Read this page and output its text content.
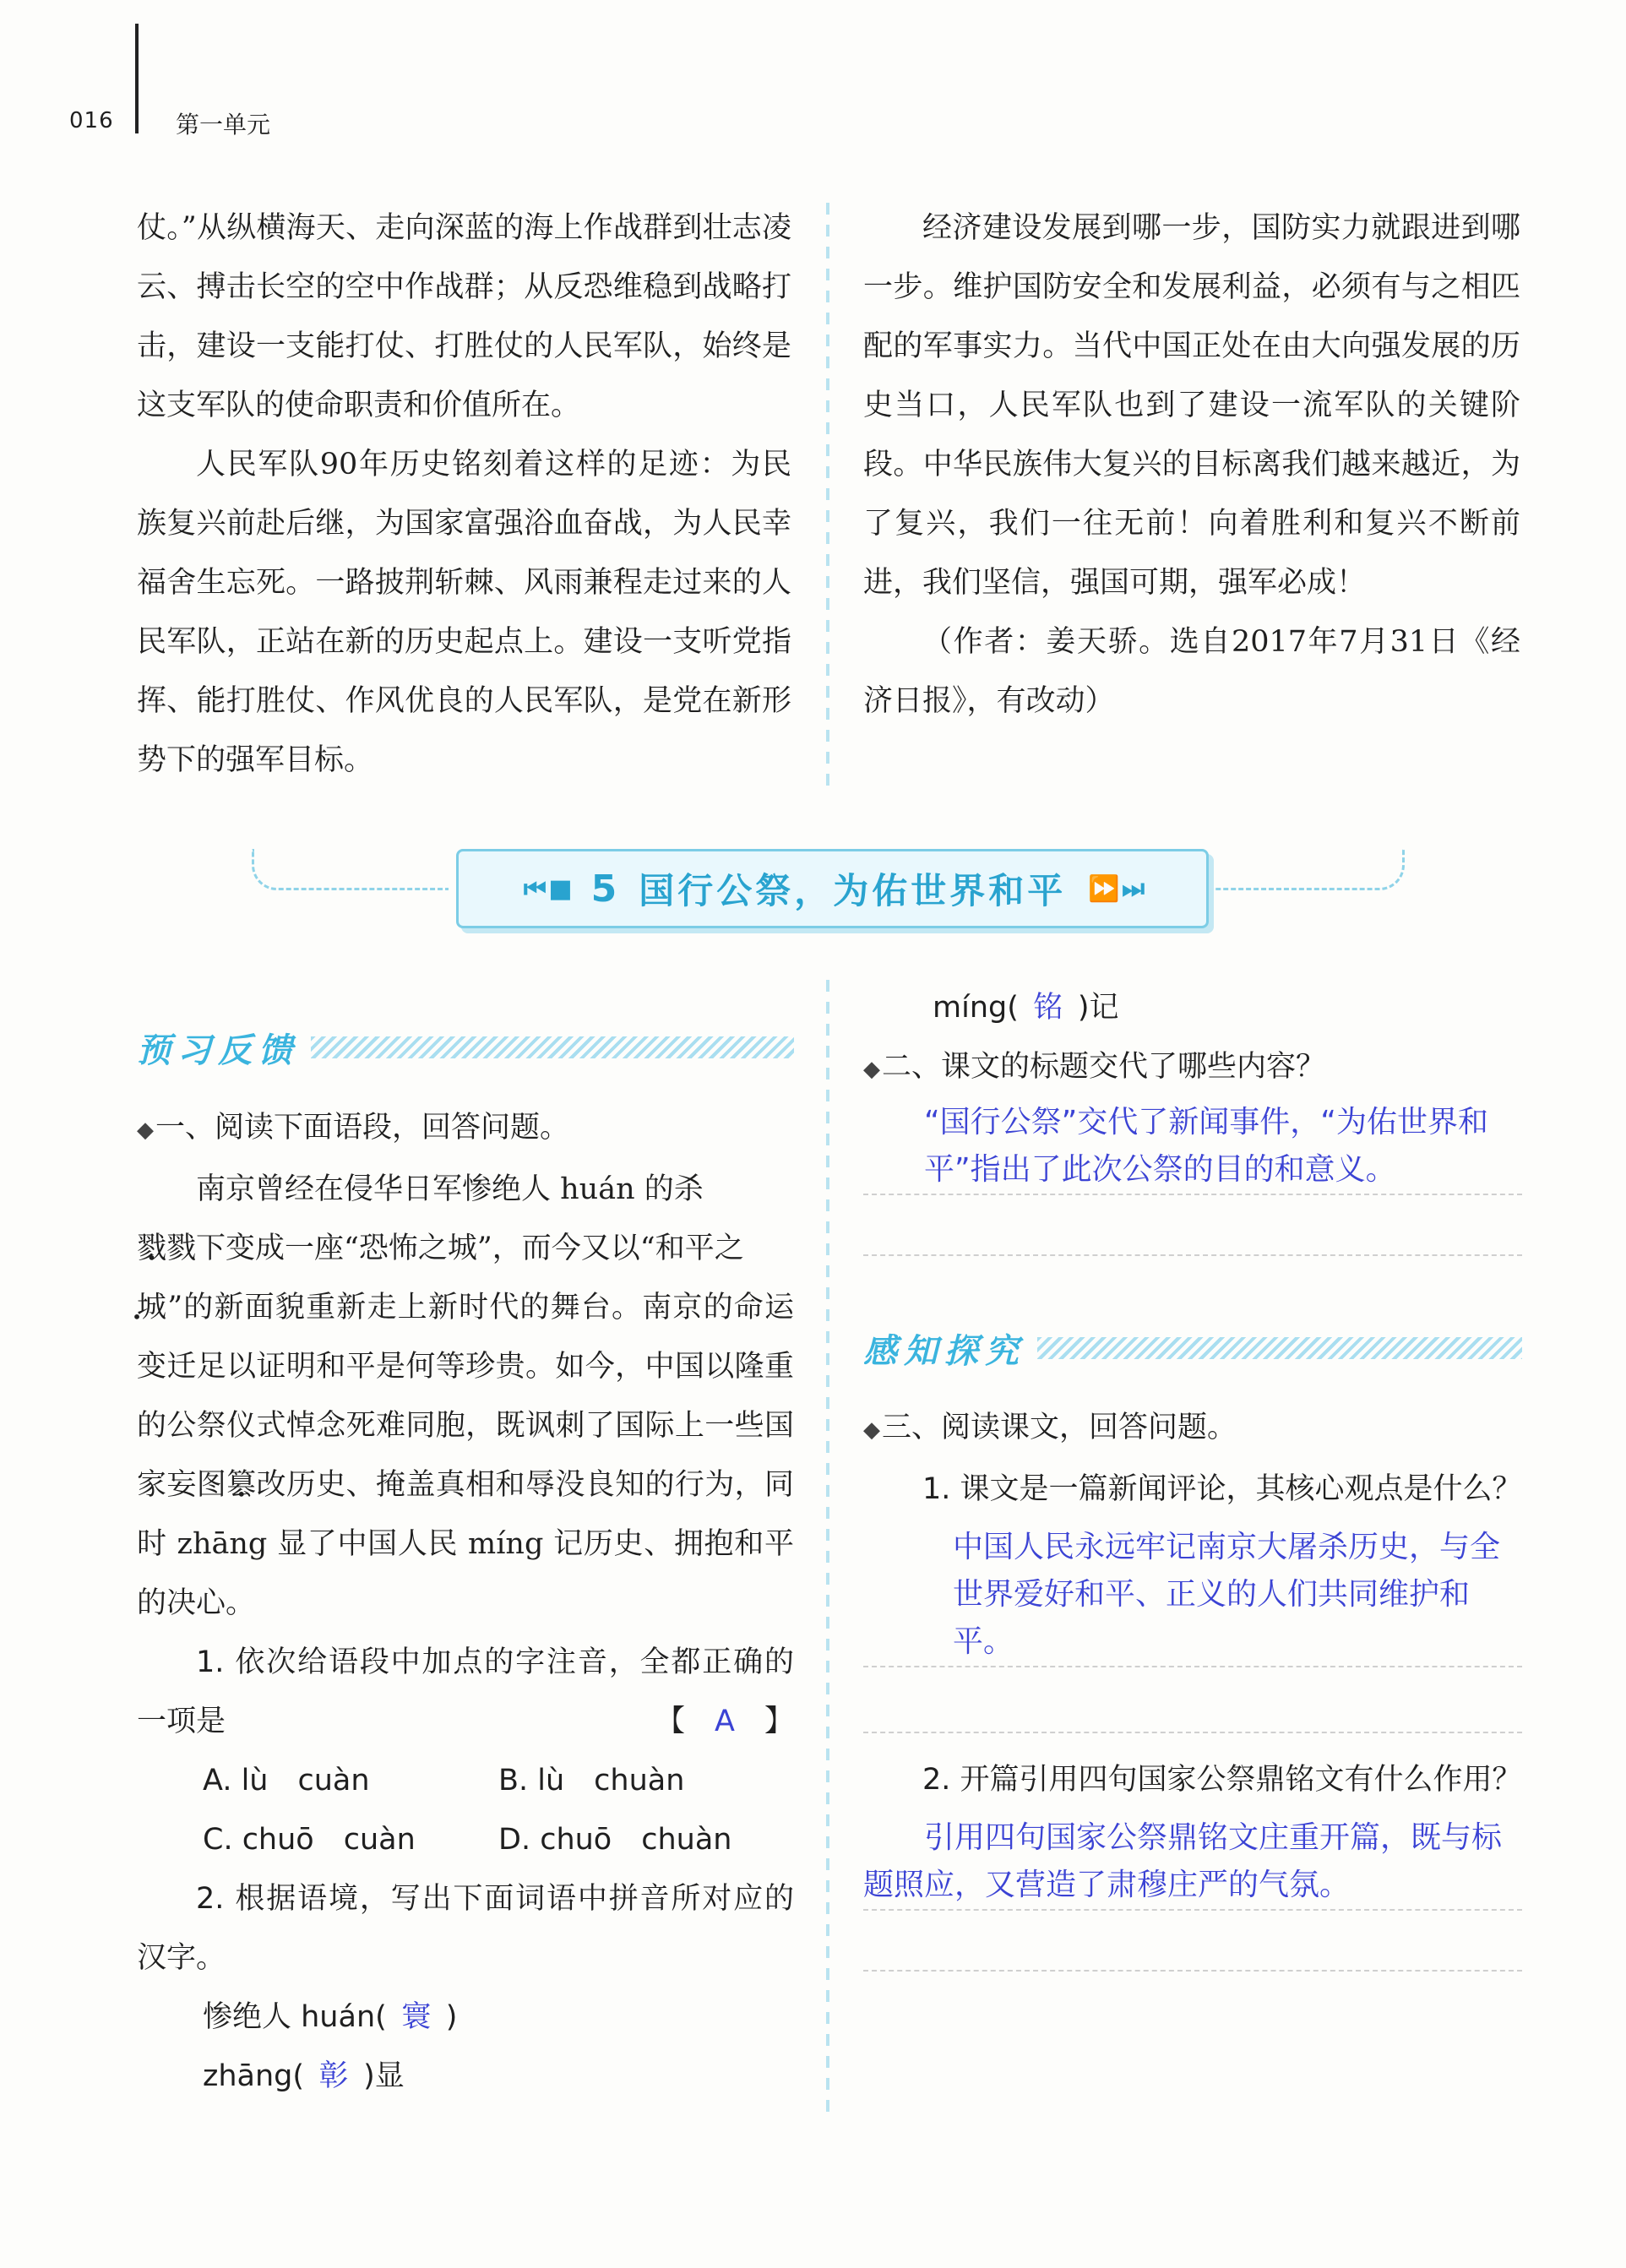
016	第一单元

仗。”从纵横海天、走向深蓝的海上作战群到壮志凌云、搏击长空的空中作战群；从反恐维稳到战略打击，建设一支能打仗、打胜仗的人民军队，始终是这支军队的使命职责和价值所在。

人民军队90年历史铭刻着这样的足迹：为民族复兴前赴后继，为国家富强浴血奋战，为人民幸福舍生忘死。一路披荆斩棘、风雨兼程走过来的人民军队，正站在新的历史起点上。建设一支听党指挥、能打胜仗、作风优良的人民军队，是党在新形势下的强军目标。

经济建设发展到哪一步，国防实力就跟进到哪一步。维护国防安全和发展利益，必须有与之相匹配的军事实力。当代中国正处在由大向强发展的历史当口，人民军队也到了建设一流军队的关键阶段。中华民族伟大复兴的目标离我们越来越近，为了复兴，我们一往无前！向着胜利和复兴不断前进，我们坚信，强国可期，强军必成！

（作者：姜天骄。选自2017年7月31日《经济日报》，有改动）

⏮ ■ 5 国行公祭，为佑世界和平 ⏩ ⏭
预习反馈

◆一、阅读下面语段，回答问题。

南京曾经在侵华日军惨绝人 huán 的杀

戮戮下变成一座“恐怖之城”，而今又以“和平之

城”的新面貌重新走上新时代的舞台。南京的命运变迁足以证明和平是何等珍贵。如今，中国以隆重的公祭仪式悼念死难同胞，既讽刺了国际上一些国家妄图篡改历史、掩盖真相和辱没良知的行为，同时 zhāng 显了中国人民 míng 记历史、拥抱和平的决心。

1. 依次给语段中加点的字注音，全都正确的一项是	【　A　】

A. lù　cuàn	B. lù　chuàn
C. chuō　cuàn	D. chuō　chuàn

2. 根据语境，写出下面词语中拼音所对应的汉字。

惨绝人 huán( 寰 )

zhāng( 彰 )显

míng( 铭 )记

◆二、课文的标题交代了哪些内容？

“国行公祭”交代了新闻事件，“为佑世界和平”指出了此次公祭的目的和意义。
感知探究

◆三、阅读课文，回答问题。

1. 课文是一篇新闻评论，其核心观点是什么？

中国人民永远牢记南京大屠杀历史，与全世界爱好和平、正义的人们共同维护和平。

2. 开篇引用四句国家公祭鼎铭文有什么作用？

引用四句国家公祭鼎铭文庄重开篇，既与标题照应，又营造了肃穆庄严的气氛。
